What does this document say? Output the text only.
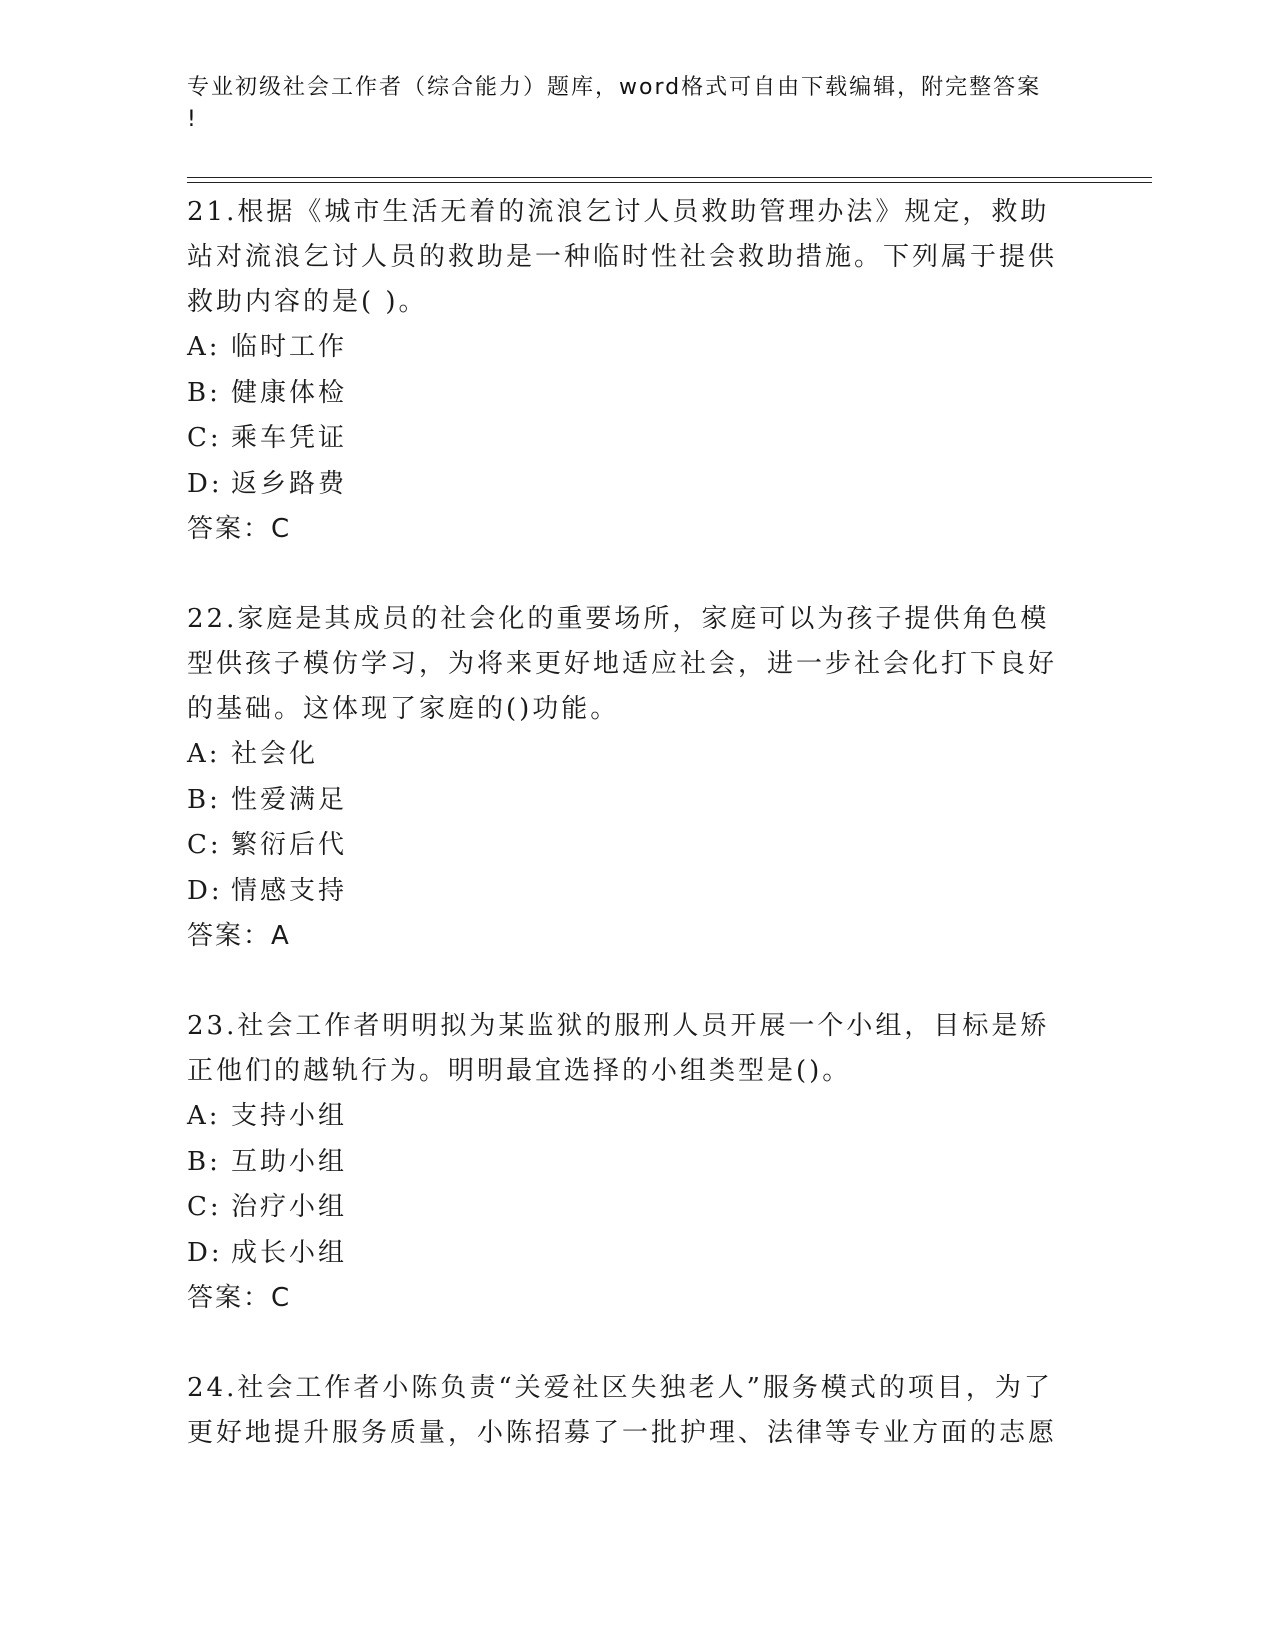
专业初级社会工作者（综合能力）题库，word格式可自由下载编辑，附完整答案
!

21.根据《城市生活无着的流浪乞讨人员救助管理办法》规定，救助站对流浪乞讨人员的救助是一种临时性社会救助措施。下列属于提供救助内容的是( )。

A: 临时工作

B: 健康体检

C: 乘车凭证

D: 返乡路费

答案：C

22.家庭是其成员的社会化的重要场所，家庭可以为孩子提供角色模型供孩子模仿学习，为将来更好地适应社会，进一步社会化打下良好的基础。这体现了家庭的()功能。

A: 社会化

B: 性爱满足

C: 繁衍后代

D: 情感支持

答案：A

23.社会工作者明明拟为某监狱的服刑人员开展一个小组，目标是矫正他们的越轨行为。明明最宜选择的小组类型是()。

A: 支持小组

B: 互助小组

C: 治疗小组

D: 成长小组

答案：C

24.社会工作者小陈负责“关爱社区失独老人”服务模式的项目，为了更好地提升服务质量，小陈招募了一批护理、法律等专业方面的志愿
